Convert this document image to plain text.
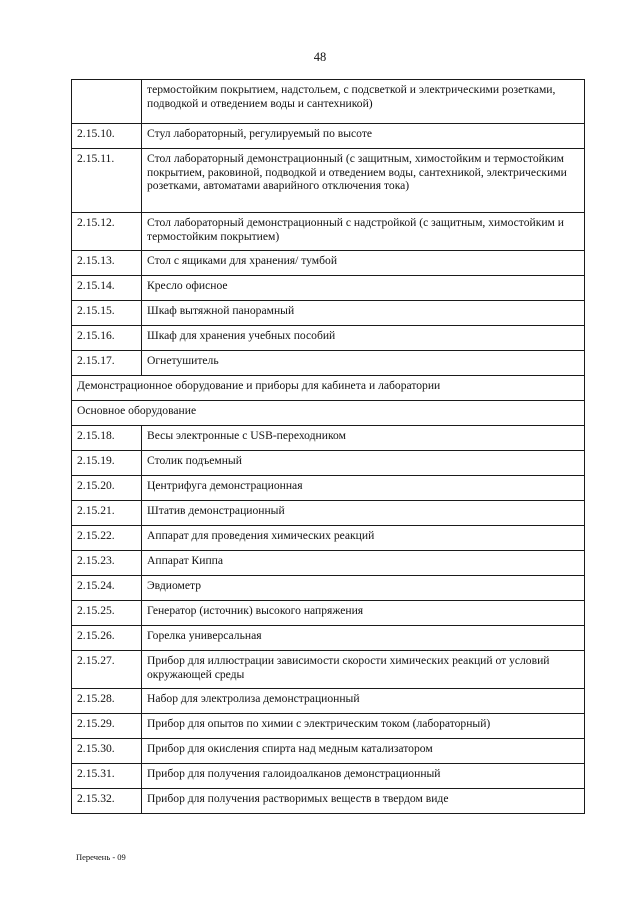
48
	термостойким покрытием, надстольем, с подсветкой и электрическими розетками, подводкой и отведением воды и сантехникой)
2.15.10.	Стул лабораторный, регулируемый по высоте
2.15.11.	Стол лабораторный демонстрационный (с защитным, химостойким и термостойким покрытием, раковиной, подводкой и отведением воды, сантехникой, электрическими розетками, автоматами аварийного отключения тока)
2.15.12.	Стол лабораторный демонстрационный с надстройкой (с защитным, химостойким и термостойким покрытием)
2.15.13.	Стол с ящиками для хранения/ тумбой
2.15.14.	Кресло офисное
2.15.15.	Шкаф вытяжной панорамный
2.15.16.	Шкаф для хранения учебных пособий
2.15.17.	Огнетушитель
Демонстрационное оборудование и приборы для кабинета и лаборатории	
Основное оборудование	
2.15.18.	Весы электронные с USB-переходником
2.15.19.	Столик подъемный
2.15.20.	Центрифуга демонстрационная
2.15.21.	Штатив демонстрационный
2.15.22.	Аппарат для проведения химических реакций
2.15.23.	Аппарат Киппа
2.15.24.	Эвдиометр
2.15.25.	Генератор (источник) высокого напряжения
2.15.26.	Горелка универсальная
2.15.27.	Прибор для иллюстрации зависимости скорости химических реакций от условий окружающей среды
2.15.28.	Набор для электролиза демонстрационный
2.15.29.	Прибор для опытов по химии с электрическим током (лабораторный)
2.15.30.	Прибор для окисления спирта над медным катализатором
2.15.31.	Прибор для получения галоидоалканов демонстрационный
2.15.32.	Прибор для получения растворимых веществ в твердом виде
Перечень - 09
